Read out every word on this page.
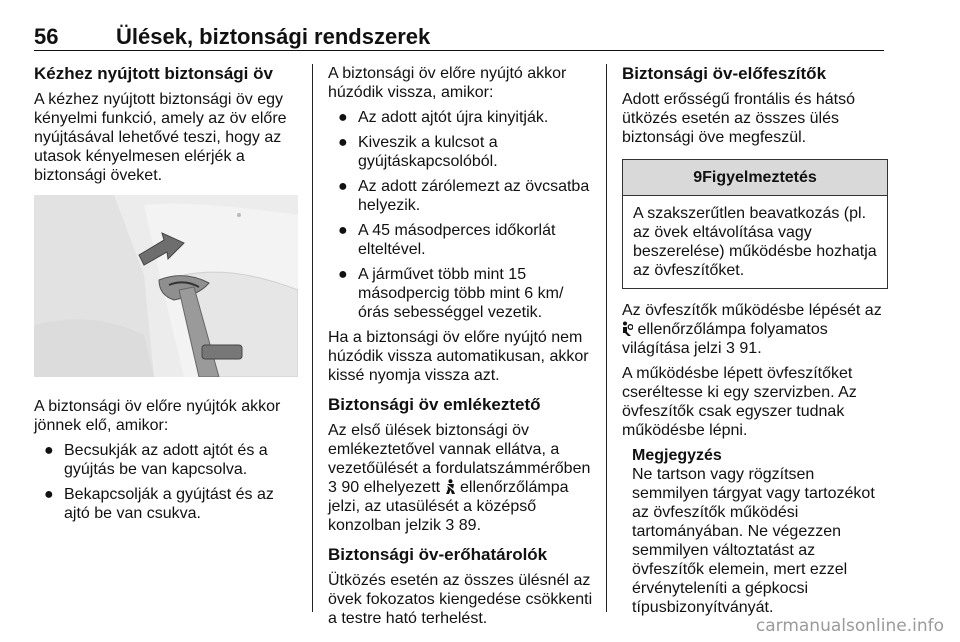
56	Ülések, biztonsági rendszerek
Kézhez nyújtott biztonsági öv

A kézhez nyújtott biztonsági öv egy kényelmi funkció, amely az öv előre nyújtásával lehetővé teszi, hogy az utasok kényelmesen elérjék a biztonsági öveket.

A biztonsági öv előre nyújtók akkor jönnek elő, amikor:

● Becsukják az adott ajtót és a gyújtás be van kapcsolva.
● Bekapcsolják a gyújtást és az ajtó be van csukva.

A biztonsági öv előre nyújtó akkor húzódik vissza, amikor:

● Az adott ajtót újra kinyitják.
● Kiveszik a kulcsot a gyújtáskapcsolóból.
● Az adott zárólemezt az övcsatba helyezik.
● A 45 másodperces időkorlát elteltével.
● A járművet több mint 15 másodpercig több mint 6 km/órás sebességgel vezetik.

Ha a biztonsági öv előre nyújtó nem húzódik vissza automatikusan, akkor kissé nyomja vissza azt.

Biztonsági öv emlékeztető

Az első ülések biztonsági öv emlékeztetővel vannak ellátva, a vezetőülését a fordulatszámmérőben 3 90 elhelyezett  ellenőrzőlámpa jelzi, az utasülését a középső konzolban jelzik 3 89.

Biztonsági öv-erőhatárolók

Ütközés esetén az összes ülésnél az övek fokozatos kiengedése csökkenti a testre ható terhelést.

Biztonsági öv-előfeszítők

Adott erősségű frontális és hátsó ütközés esetén az összes ülés biztonsági öve megfeszül.

9Figyelmeztetés
A szakszerűtlen beavatkozás (pl. az övek eltávolítása vagy beszerelése) működésbe hozhatja az övfeszítőket.

Az övfeszítők működésbe lépését az  ellenőrzőlámpa folyamatos világítása jelzi 3 91.

A működésbe lépett övfeszítőket cseréltesse ki egy szervizben. Az övfeszítők csak egyszer tudnak működésbe lépni.

Megjegyzés
Ne tartson vagy rögzítsen semmilyen tárgyat vagy tartozékot az övfeszítők működési tartományában. Ne végezzen semmilyen változtatást az övfeszítők elemein, mert ezzel érvényteleníti a gépkocsi típusbizonyítványát.
carmanualsonline.info
